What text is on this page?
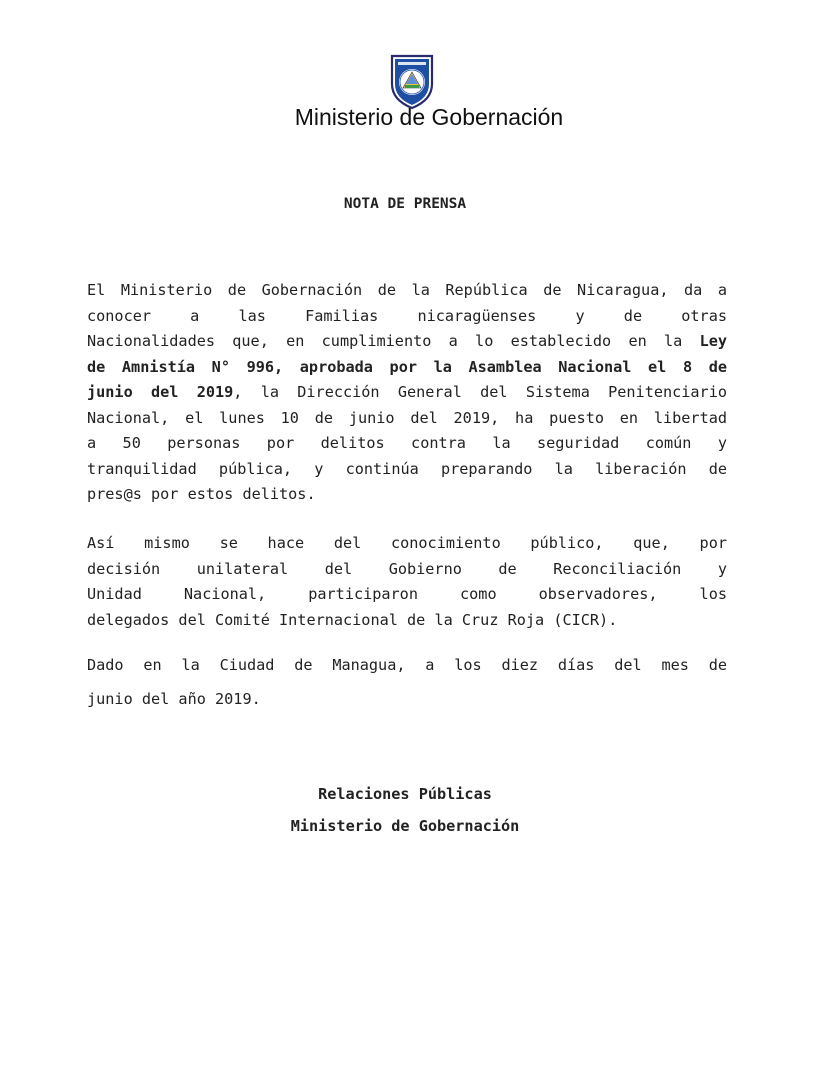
Ministerio de Gobernación
NOTA DE PRENSA
El Ministerio de Gobernación de la República de Nicaragua, da a
conocer a las Familias nicaragüenses y de otras
Nacionalidades que, en cumplimiento a lo establecido en la Ley
de Amnistía N° 996, aprobada por la Asamblea Nacional el 8 de
junio del 2019, la Dirección General del Sistema Penitenciario
Nacional, el lunes 10 de junio del 2019, ha puesto en libertad
a 50 personas por delitos contra la seguridad común y
tranquilidad pública, y continúa preparando la liberación de
pres@s por estos delitos.
Así mismo se hace del conocimiento público, que, por
decisión unilateral del Gobierno de Reconciliación y
Unidad Nacional, participaron como observadores, los
delegados del Comité Internacional de la Cruz Roja (CICR).
Dado en la Ciudad de Managua, a los diez días del mes de
junio del año 2019.
Relaciones Públicas
Ministerio de Gobernación
